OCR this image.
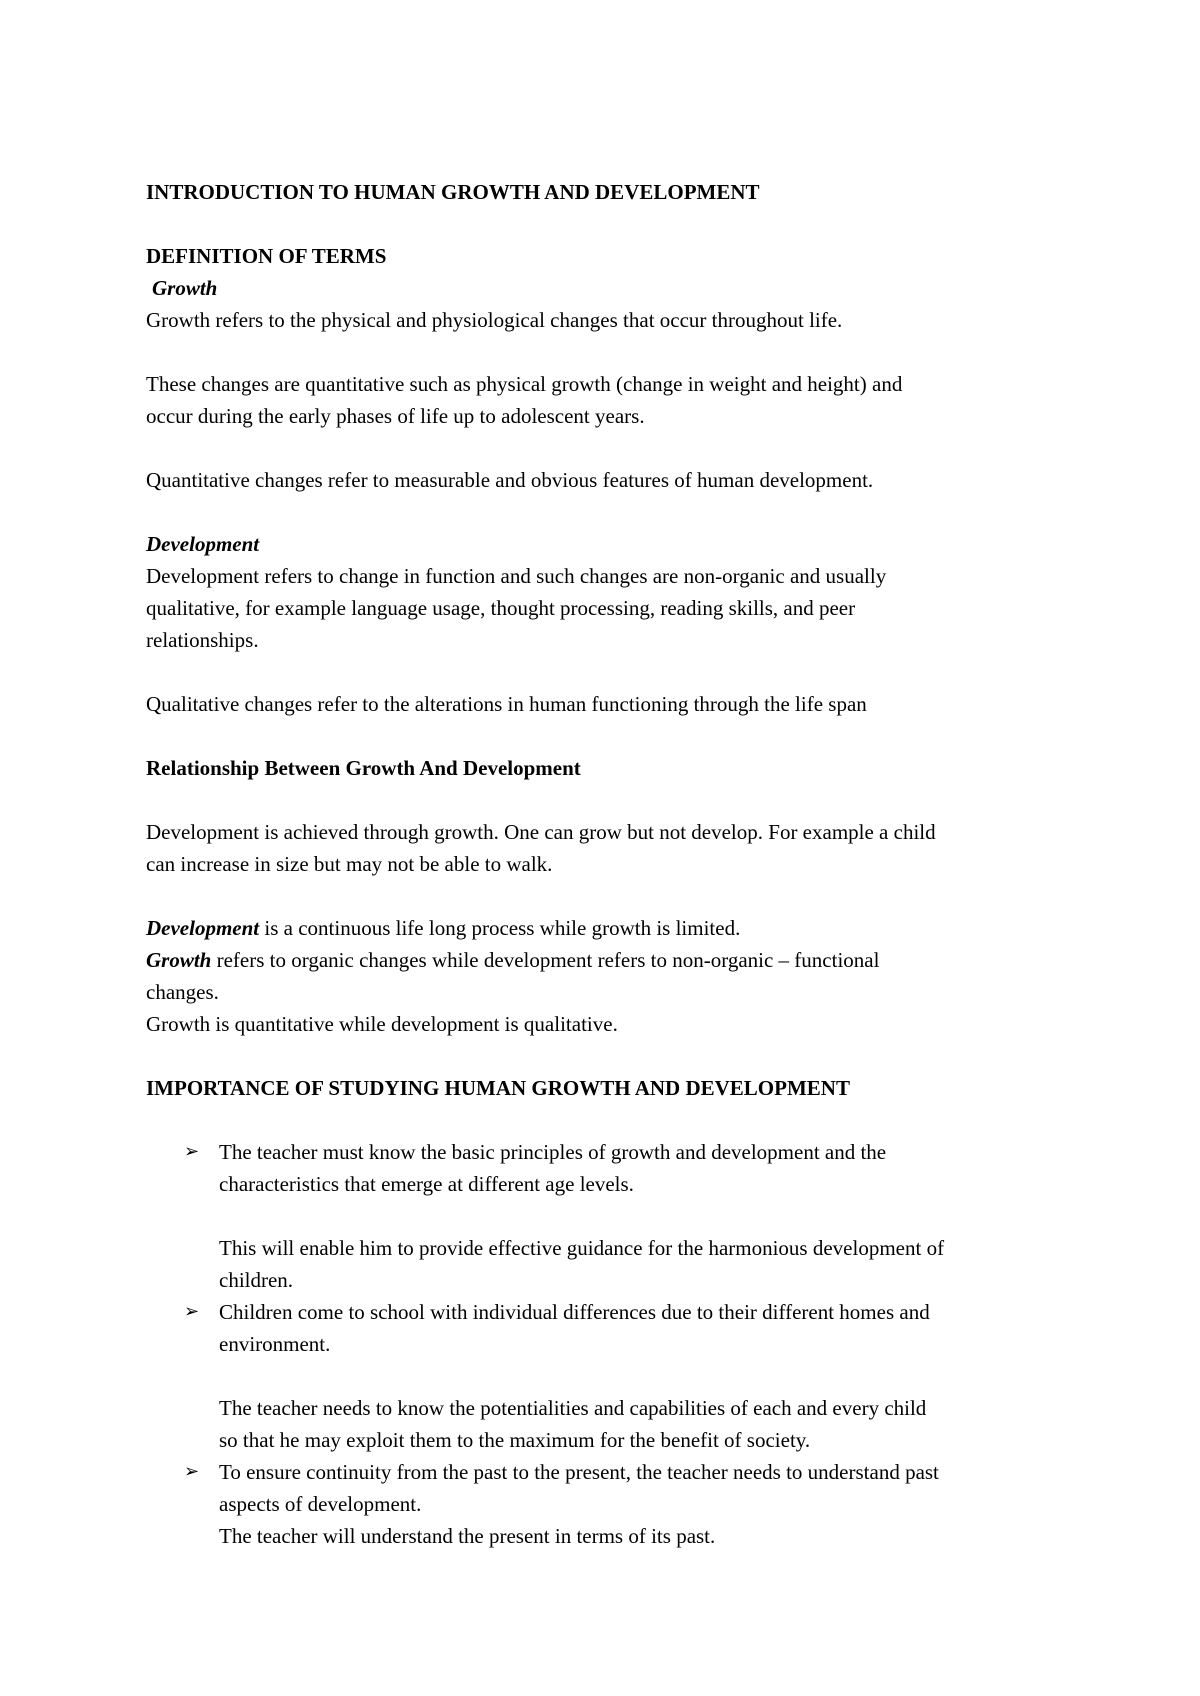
INTRODUCTION TO HUMAN GROWTH AND DEVELOPMENT

DEFINITION OF TERMS

Growth

Growth refers to the physical and physiological changes that occur throughout life.

These changes are quantitative such as physical growth (change in weight and height) and

occur during the early phases of life up to adolescent years.

Quantitative changes refer to measurable and obvious features of human development.

Development

Development refers to change in function and such changes are non-organic and usually

qualitative, for example language usage, thought processing, reading skills, and peer

relationships.

Qualitative changes refer to the alterations in human functioning through the life span

Relationship Between Growth And Development

Development is achieved through growth. One can grow but not develop. For example a child

can increase in size but may not be able to walk.

Development is a continuous life long process while growth is limited.

Growth refers to organic changes while development refers to non-organic – functional

changes.

Growth is quantitative while development is qualitative.

IMPORTANCE OF STUDYING HUMAN GROWTH AND DEVELOPMENT

➢ The teacher must know the basic principles of growth and development and the

characteristics that emerge at different age levels.

This will enable him to provide effective guidance for the harmonious development of

children.

➢ Children come to school with individual differences due to their different homes and

environment.

The teacher needs to know the potentialities and capabilities of each and every child

so that he may exploit them to the maximum for the benefit of society.

➢ To ensure continuity from the past to the present, the teacher needs to understand past

aspects of development.

The teacher will understand the present in terms of its past.
